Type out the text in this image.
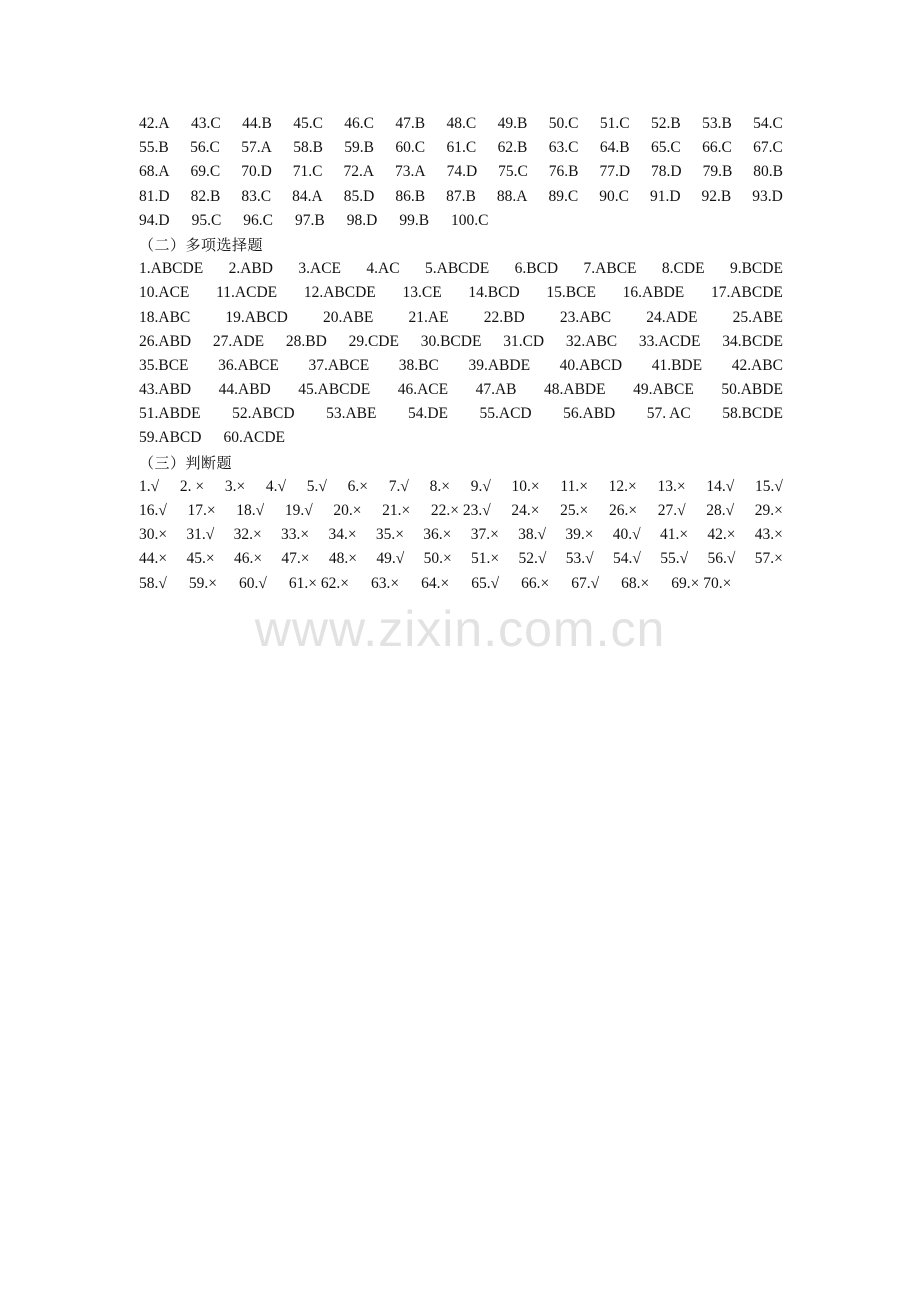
42.A 43.C 44.B 45.C 46.C 47.B 48.C 49.B 50.C 51.C 52.B 53.B 54.C
55.B 56.C 57.A 58.B 59.B 60.C 61.C 62.B 63.C 64.B 65.C 66.C 67.C
68.A 69.C 70.D 71.C 72.A 73.A 74.D 75.C 76.B 77.D 78.D 79.B 80.B
81.D 82.B 83.C 84.A 85.D 86.B 87.B 88.A 89.C 90.C 91.D 92.B 93.D
94.D 95.C 96.C 97.B 98.D 99.B 100.C
（二）多项选择题
1.ABCDE 2.ABD 3.ACE 4.AC 5.ABCDE 6.BCD 7.ABCE 8.CDE 9.BCDE
10.ACE 11.ACDE 12.ABCDE 13.CE 14.BCD 15.BCE 16.ABDE 17.ABCDE
18.ABC 19.ABCD 20.ABE 21.AE 22.BD 23.ABC 24.ADE 25.ABE
26.ABD 27.ADE 28.BD 29.CDE 30.BCDE 31.CD 32.ABC 33.ACDE 34.BCDE
35.BCE 36.ABCE 37.ABCE 38.BC 39.ABDE 40.ABCD 41.BDE 42.ABC
43.ABD 44.ABD 45.ABCDE 46.ACE 47.AB 48.ABDE 49.ABCE 50.ABDE
51.ABDE 52.ABCD 53.ABE 54.DE 55.ACD 56.ABD 57. AC 58.BCDE
59.ABCD 60.ACDE
（三）判断题
1.√ 2. × 3.× 4.√ 5.√ 6.× 7.√ 8.× 9.√ 10.× 11.× 12.× 13.× 14.√ 15.√
16.√ 17.× 18.√ 19.√ 20.× 21.× 22.× 23.√ 24.× 25.× 26.× 27.√ 28.√ 29.×
30.× 31.√ 32.× 33.× 34.× 35.× 36.× 37.× 38.√ 39.× 40.√ 41.× 42.× 43.×
44.× 45.× 46.× 47.× 48.× 49.√ 50.× 51.× 52.√ 53.√ 54.√ 55.√ 56.√ 57.×
58.√ 59.× 60.√ 61.× 62.× 63.× 64.× 65.√ 66.× 67.√ 68.× 69.× 70.×
www.zixin.com.cn
